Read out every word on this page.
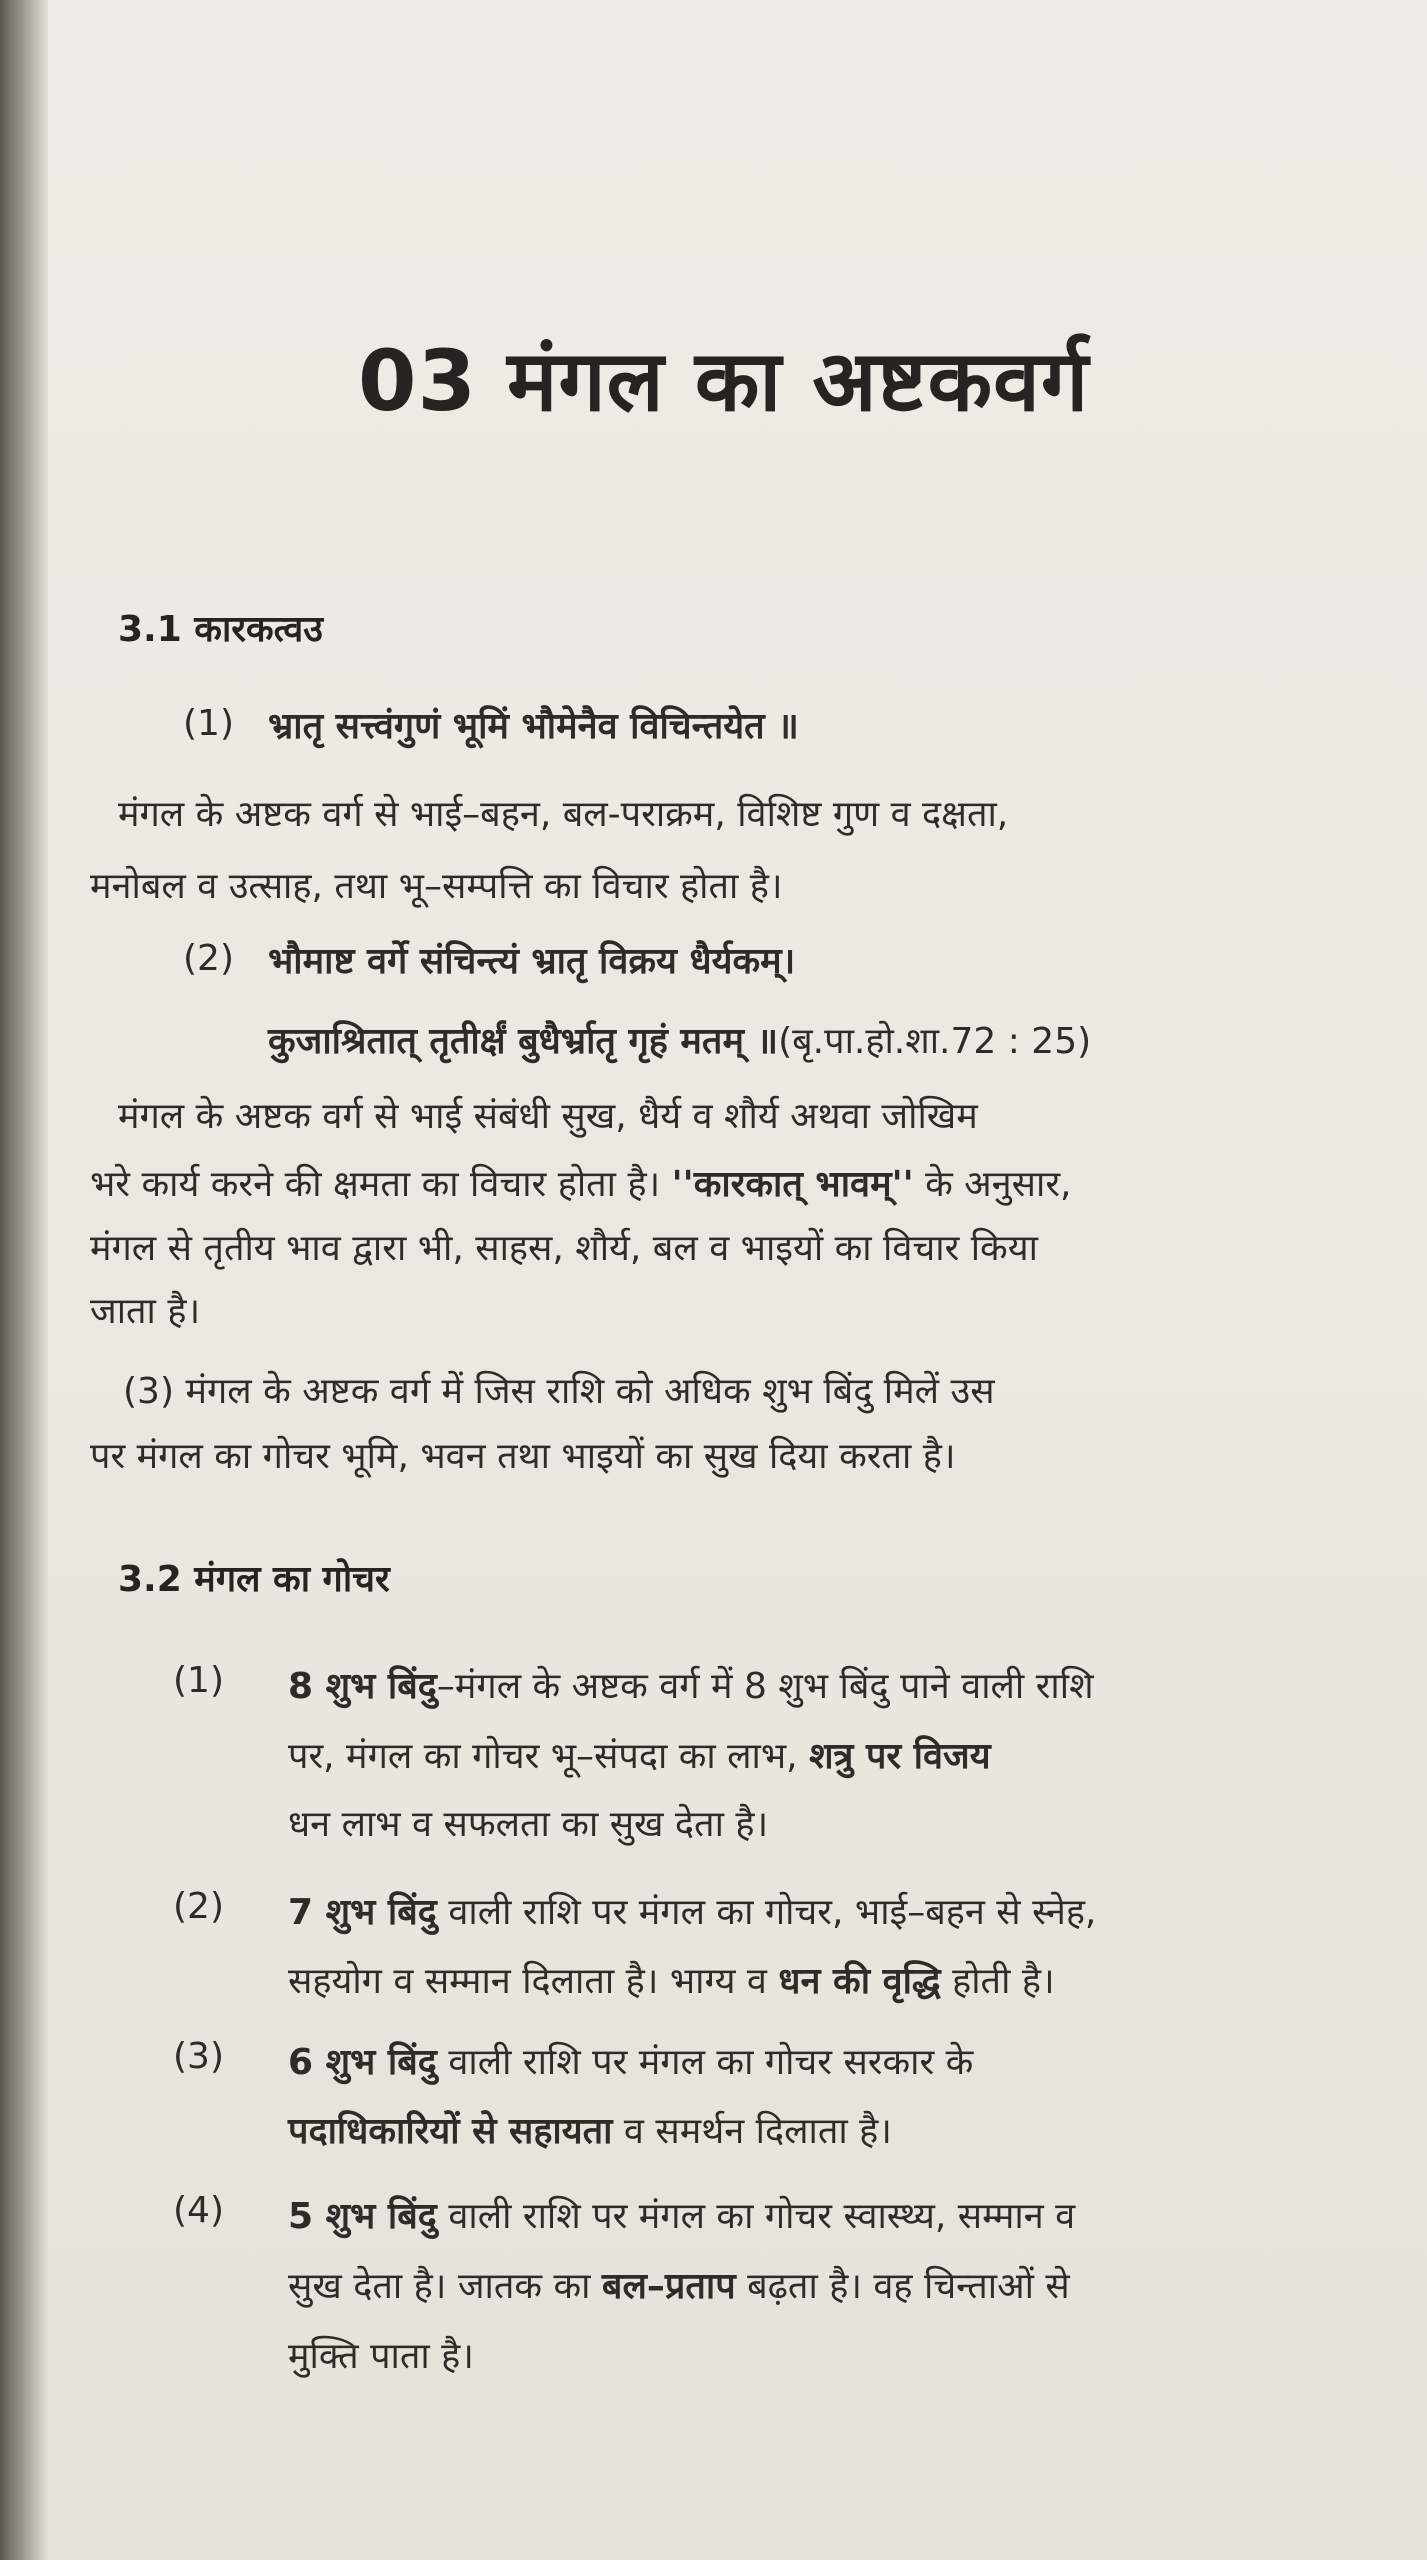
03 मंगल का अष्टकवर्ग
3.1 कारकत्वउ
(1) भ्रातृ सत्त्वंगुणं भूमिं भौमेनैव विचिन्तयेत ॥
मंगल के अष्टक वर्ग से भाई–बहन, बल-पराक्रम, विशिष्ट गुण व दक्षता,
मनोबल व उत्साह, तथा भू–सम्पत्ति का विचार होता है।
(2) भौमाष्ट वर्गे संचिन्त्यं भ्रातृ विक्रय धैर्यकम्।
कुजाश्रितात् तृतीर्क्षं बुधैर्भ्रातृ गृहं मतम् ॥(बृ.पा.हो.शा.72 : 25)
मंगल के अष्टक वर्ग से भाई संबंधी सुख, धैर्य व शौर्य अथवा जोखिम
भरे कार्य करने की क्षमता का विचार होता है। ''कारकात् भावम्'' के अनुसार,
मंगल से तृतीय भाव द्वारा भी, साहस, शौर्य, बल व भाइयों का विचार किया
जाता है।
(3) मंगल के अष्टक वर्ग में जिस राशि को अधिक शुभ बिंदु मिलें उस
पर मंगल का गोचर भूमि, भवन तथा भाइयों का सुख दिया करता है।
3.2 मंगल का गोचर
(1) 8 शुभ बिंदु–मंगल के अष्टक वर्ग में 8 शुभ बिंदु पाने वाली राशि
पर, मंगल का गोचर भू–संपदा का लाभ, शत्रु पर विजय
धन लाभ व सफलता का सुख देता है।
(2) 7 शुभ बिंदु वाली राशि पर मंगल का गोचर, भाई–बहन से स्नेह,
सहयोग व सम्मान दिलाता है। भाग्य व धन की वृद्धि होती है।
(3) 6 शुभ बिंदु वाली राशि पर मंगल का गोचर सरकार के
पदाधिकारियों से सहायता व समर्थन दिलाता है।
(4) 5 शुभ बिंदु वाली राशि पर मंगल का गोचर स्वास्थ्य, सम्मान व
सुख देता है। जातक का बल–प्रताप बढ़ता है। वह चिन्ताओं से
मुक्ति पाता है।
